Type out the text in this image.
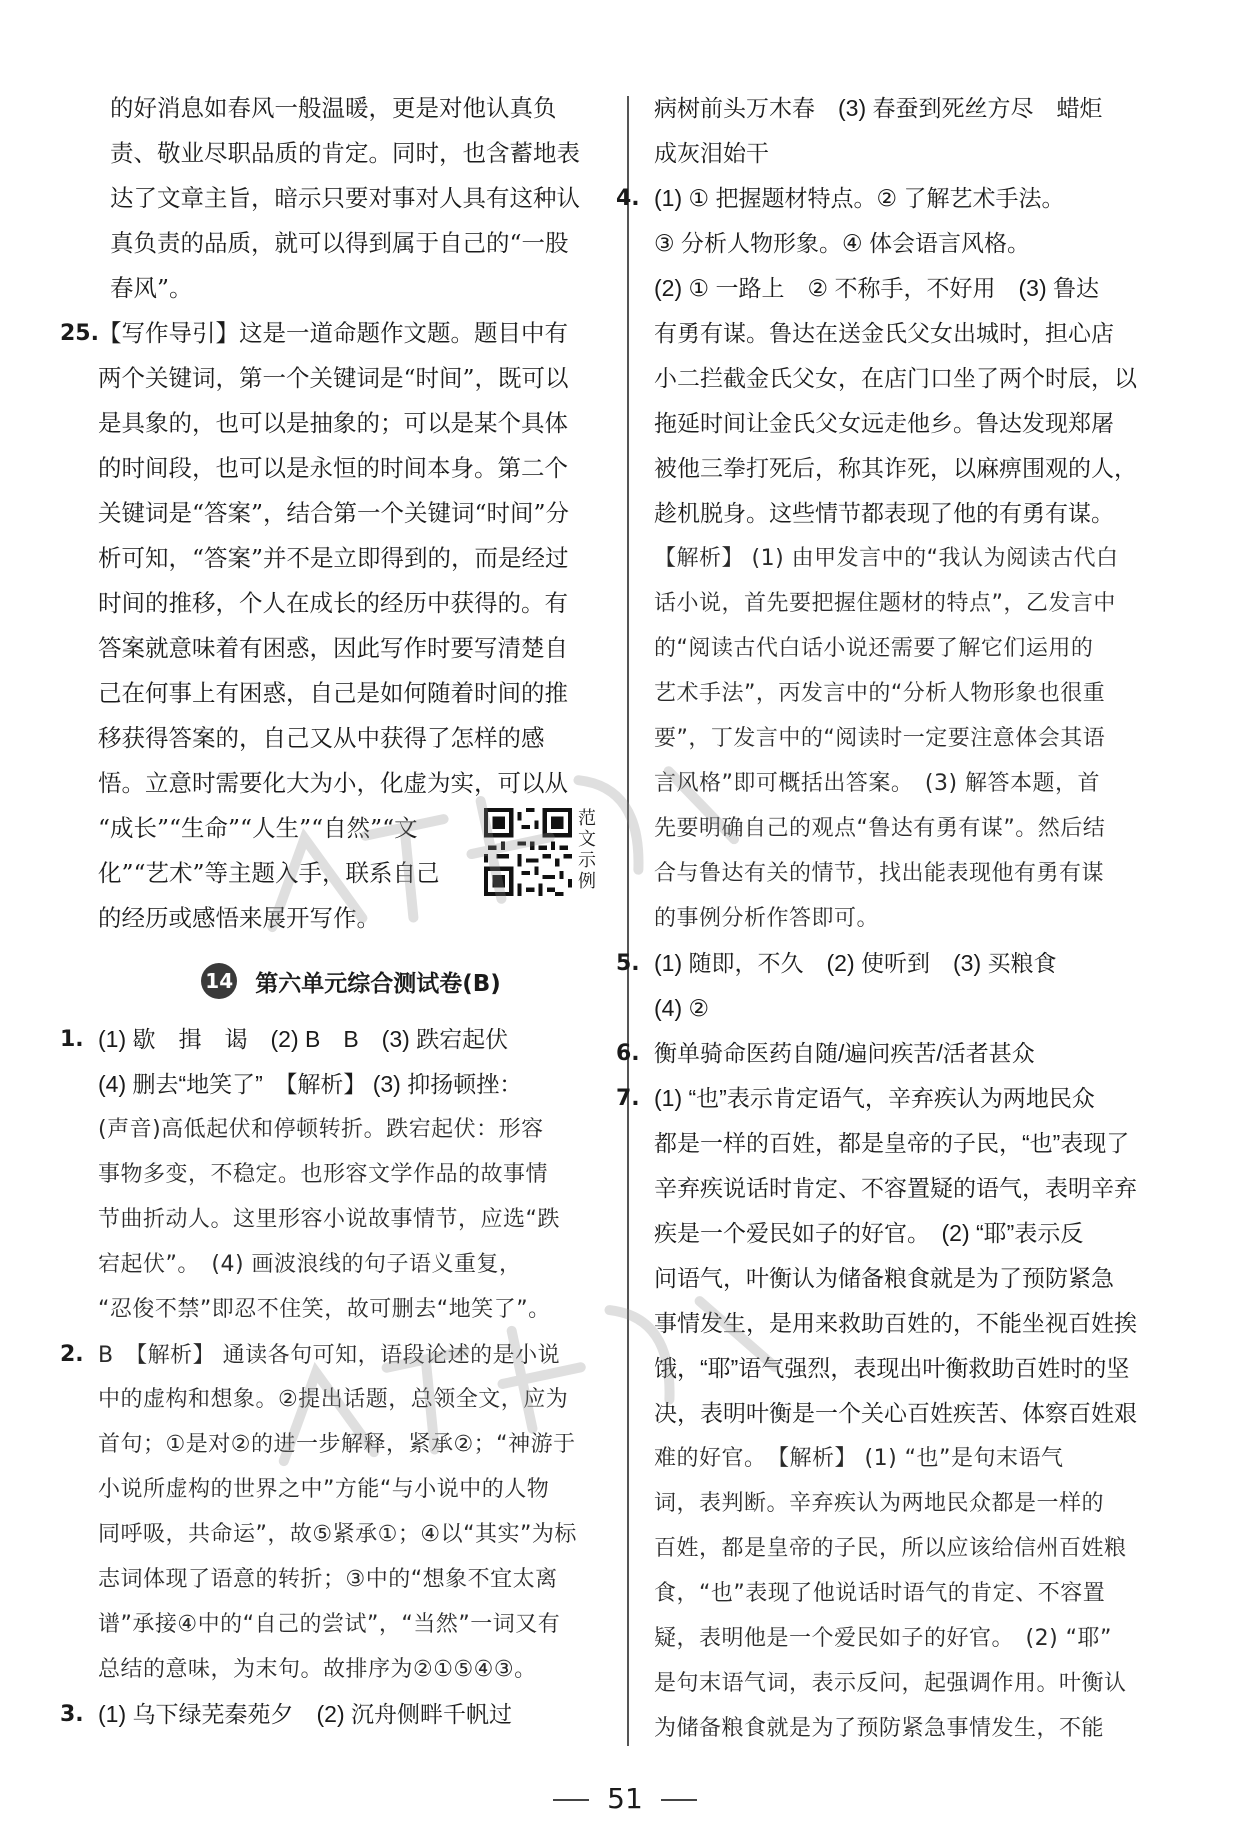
的好消息如春风一般温暖，更是对他认真负
责、敬业尽职品质的肯定。同时，也含蓄地表
达了文章主旨，暗示只要对事对人具有这种认
真负责的品质，就可以得到属于自己的“一股
春风”。
25. 【写作导引】这是一道命题作文题。题目中有
两个关键词，第一个关键词是“时间”，既可以
是具象的，也可以是抽象的；可以是某个具体
的时间段，也可以是永恒的时间本身。第二个
关键词是“答案”，结合第一个关键词“时间”分
析可知，“答案”并不是立即得到的，而是经过
时间的推移，个人在成长的经历中获得的。有
答案就意味着有困惑，因此写作时要写清楚自
己在何事上有困惑，自己是如何随着时间的推
移获得答案的，自己又从中获得了怎样的感
悟。立意时需要化大为小，化虚为实，可以从
“成长”“生命”“人生”“自然”“文
化”“艺术”等主题入手，联系自己
的经历或感悟来展开写作。
14 第六单元综合测试卷(B)
1. (1) 歇　揖　谒　(2) B　B　(3) 跌宕起伏
(4) 删去“地笑了”　【解析】 (3) 抑扬顿挫：
(声音)高低起伏和停顿转折。跌宕起伏：形容
事物多变，不稳定。也形容文学作品的故事情
节曲折动人。这里形容小说故事情节，应选“跌
宕起伏”。　(4) 画波浪线的句子语义重复，
“忍俊不禁”即忍不住笑，故可删去“地笑了”。
2. B　【解析】 通读各句可知，语段论述的是小说
中的虚构和想象。②提出话题，总领全文，应为
首句；①是对②的进一步解释，紧承②；“神游于
小说所虚构的世界之中”方能“与小说中的人物
同呼吸，共命运”，故⑤紧承①；④以“其实”为标
志词体现了语意的转折；③中的“想象不宜太离
谱”承接④中的“自己的尝试”，“当然”一词又有
总结的意味，为末句。故排序为②①⑤④③。
3. (1) 乌下绿芜秦苑夕　(2) 沉舟侧畔千帆过
范
文
示
例
病树前头万木春　(3) 春蚕到死丝方尽　蜡炬
成灰泪始干
4. (1) ① 把握题材特点。② 了解艺术手法。
③ 分析人物形象。④ 体会语言风格。
(2) ① 一路上　② 不称手，不好用　(3) 鲁达
有勇有谋。鲁达在送金氏父女出城时，担心店
小二拦截金氏父女，在店门口坐了两个时辰，以
拖延时间让金氏父女远走他乡。鲁达发现郑屠
被他三拳打死后，称其诈死，以麻痹围观的人，
趁机脱身。这些情节都表现了他的有勇有谋。
【解析】 (1) 由甲发言中的“我认为阅读古代白
话小说，首先要把握住题材的特点”，乙发言中
的“阅读古代白话小说还需要了解它们运用的
艺术手法”，丙发言中的“分析人物形象也很重
要”，丁发言中的“阅读时一定要注意体会其语
言风格”即可概括出答案。　(3) 解答本题，首
先要明确自己的观点“鲁达有勇有谋”。然后结
合与鲁达有关的情节，找出能表现他有勇有谋
的事例分析作答即可。
5. (1) 随即，不久　(2) 使听到　(3) 买粮食
(4) ②
6. 衡单骑命医药自随/遍问疾苦/活者甚众
7. (1) “也”表示肯定语气，辛弃疾认为两地民众
都是一样的百姓，都是皇帝的子民，“也”表现了
辛弃疾说话时肯定、不容置疑的语气，表明辛弃
疾是一个爱民如子的好官。　(2) “耶”表示反
问语气，叶衡认为储备粮食就是为了预防紧急
事情发生，是用来救助百姓的，不能坐视百姓挨
饿，“耶”语气强烈，表现出叶衡救助百姓时的坚
决，表明叶衡是一个关心百姓疾苦、体察百姓艰
难的好官。　【解析】 (1) “也”是句末语气
词，表判断。辛弃疾认为两地民众都是一样的
百姓，都是皇帝的子民，所以应该给信州百姓粮
食，“也”表现了他说话时语气的肯定、不容置
疑，表明他是一个爱民如子的好官。　(2) “耶”
是句末语气词，表示反问，起强调作用。叶衡认
为储备粮食就是为了预防紧急事情发生，不能
51
